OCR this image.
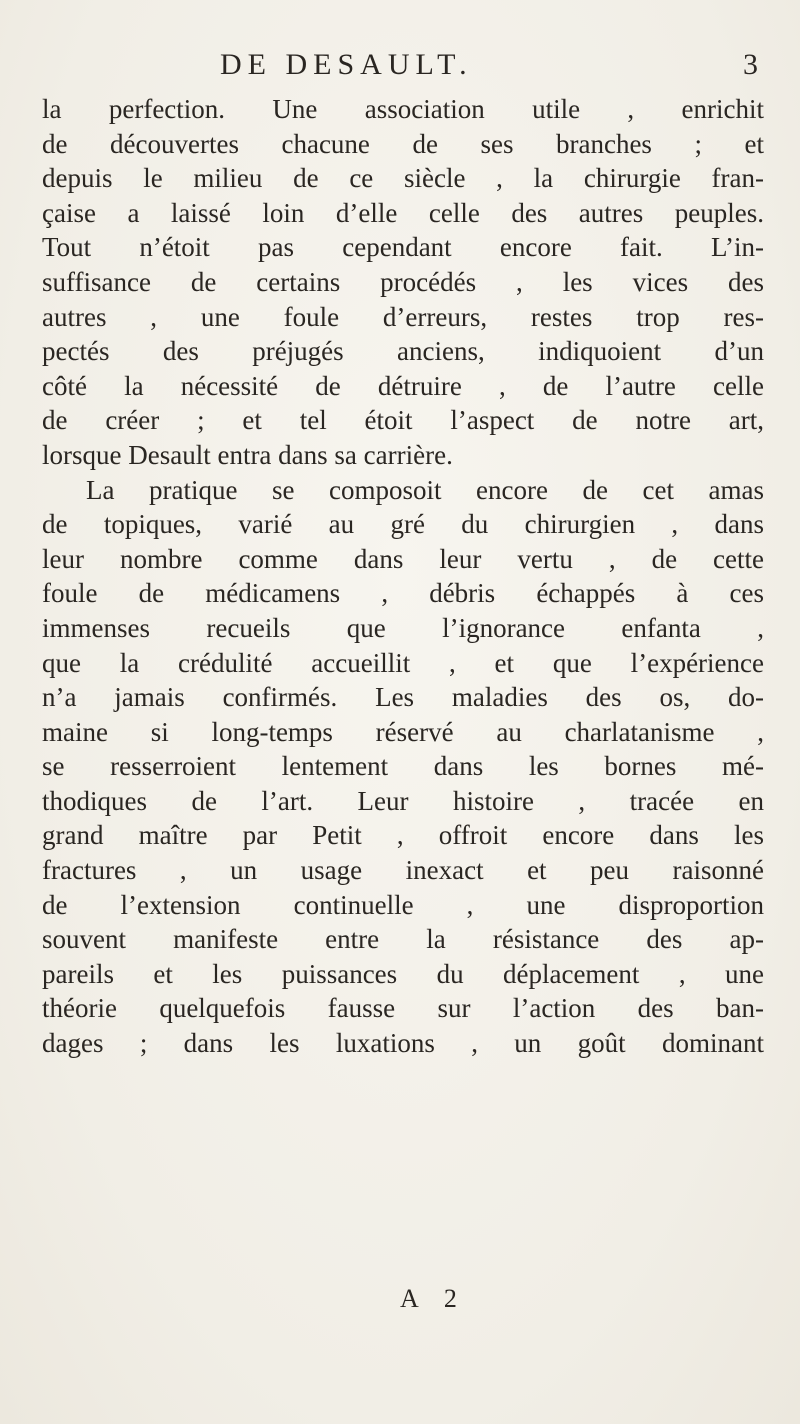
DE DESAULT.	3
la perfection. Une association utile , enrichit
de découvertes chacune de ses branches ; et
depuis le milieu de ce siècle , la chirurgie fran-
çaise a laissé loin d’elle celle des autres peuples.
Tout n’étoit pas cependant encore fait. L’in-
suffisance de certains procédés , les vices des
autres , une foule d’erreurs, restes trop res-
pectés des préjugés anciens, indiquoient d’un
côté la nécessité de détruire , de l’autre celle
de créer ; et tel étoit l’aspect de notre art,
lorsque Desault entra dans sa carrière.
La pratique se composoit encore de cet amas
de topiques, varié au gré du chirurgien , dans
leur nombre comme dans leur vertu , de cette
foule de médicamens , débris échappés à ces
immenses recueils que l’ignorance enfanta ,
que la crédulité accueillit , et que l’expérience
n’a jamais confirmés. Les maladies des os, do-
maine si long-temps réservé au charlatanisme ,
se resserroient lentement dans les bornes mé-
thodiques de l’art. Leur histoire , tracée en
grand maître par Petit , offroit encore dans les
fractures , un usage inexact et peu raisonné
de l’extension continuelle , une disproportion
souvent manifeste entre la résistance des ap-
pareils et les puissances du déplacement , une
théorie quelquefois fausse sur l’action des ban-
dages ; dans les luxations , un goût dominant
A 2
